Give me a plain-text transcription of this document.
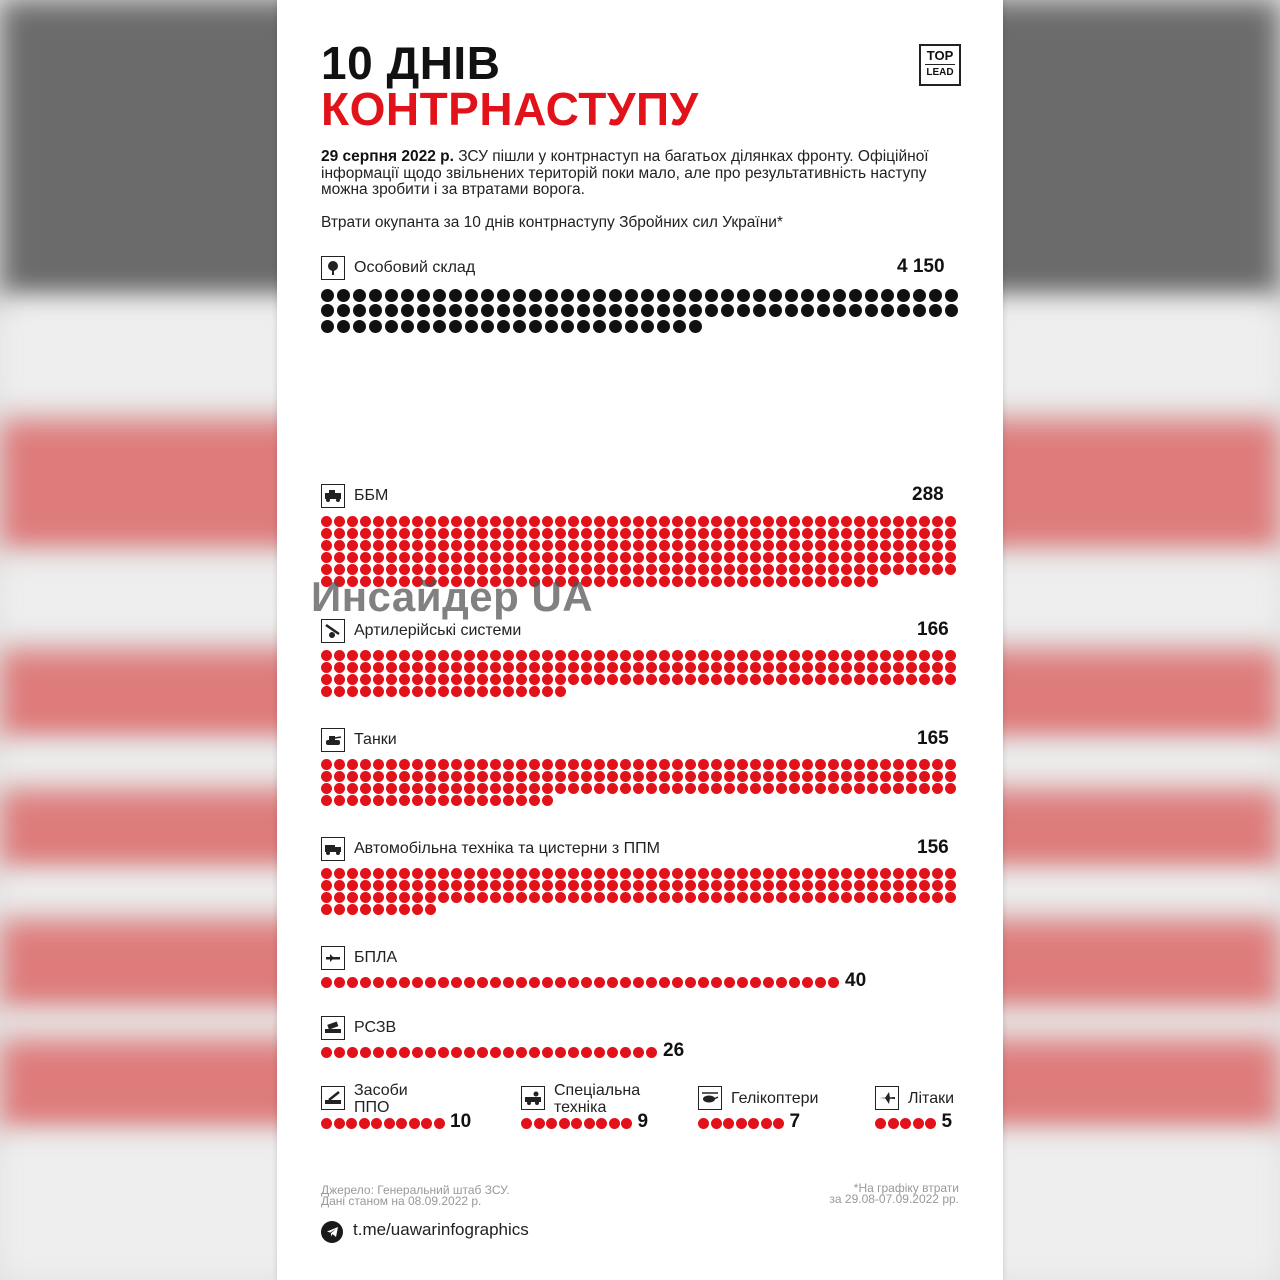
10 ДНІВ
КОНТРНАСТУПУ
TOP
LEAD
29 серпня 2022 р. ЗСУ пішли у контрнаступ на багатьох ділянках фронту. Офіційної інформації щодо звільнених територій поки мало, але про результативність наступу можна зробити і за втратами ворога.
Втрати окупанта за 10 днів контрнаступу Збройних сил України*
Особовий склад	4 150
ББМ	288
Артилерійські системи	166
Танки	165
Автомобільна техніка та цистерни з ППМ	156
БПЛА
40
РСЗВ
26
Засоби
ППО
10
Спеціальна
техніка
9
Гелікоптери
7
Літаки
5
Джерело: Генеральний штаб ЗСУ.
Дані станом на 08.09.2022 р.
*На графіку втрати
за 29.08-07.09.2022 рр.
t.me/uawarinfographics
Инсайдер UA
